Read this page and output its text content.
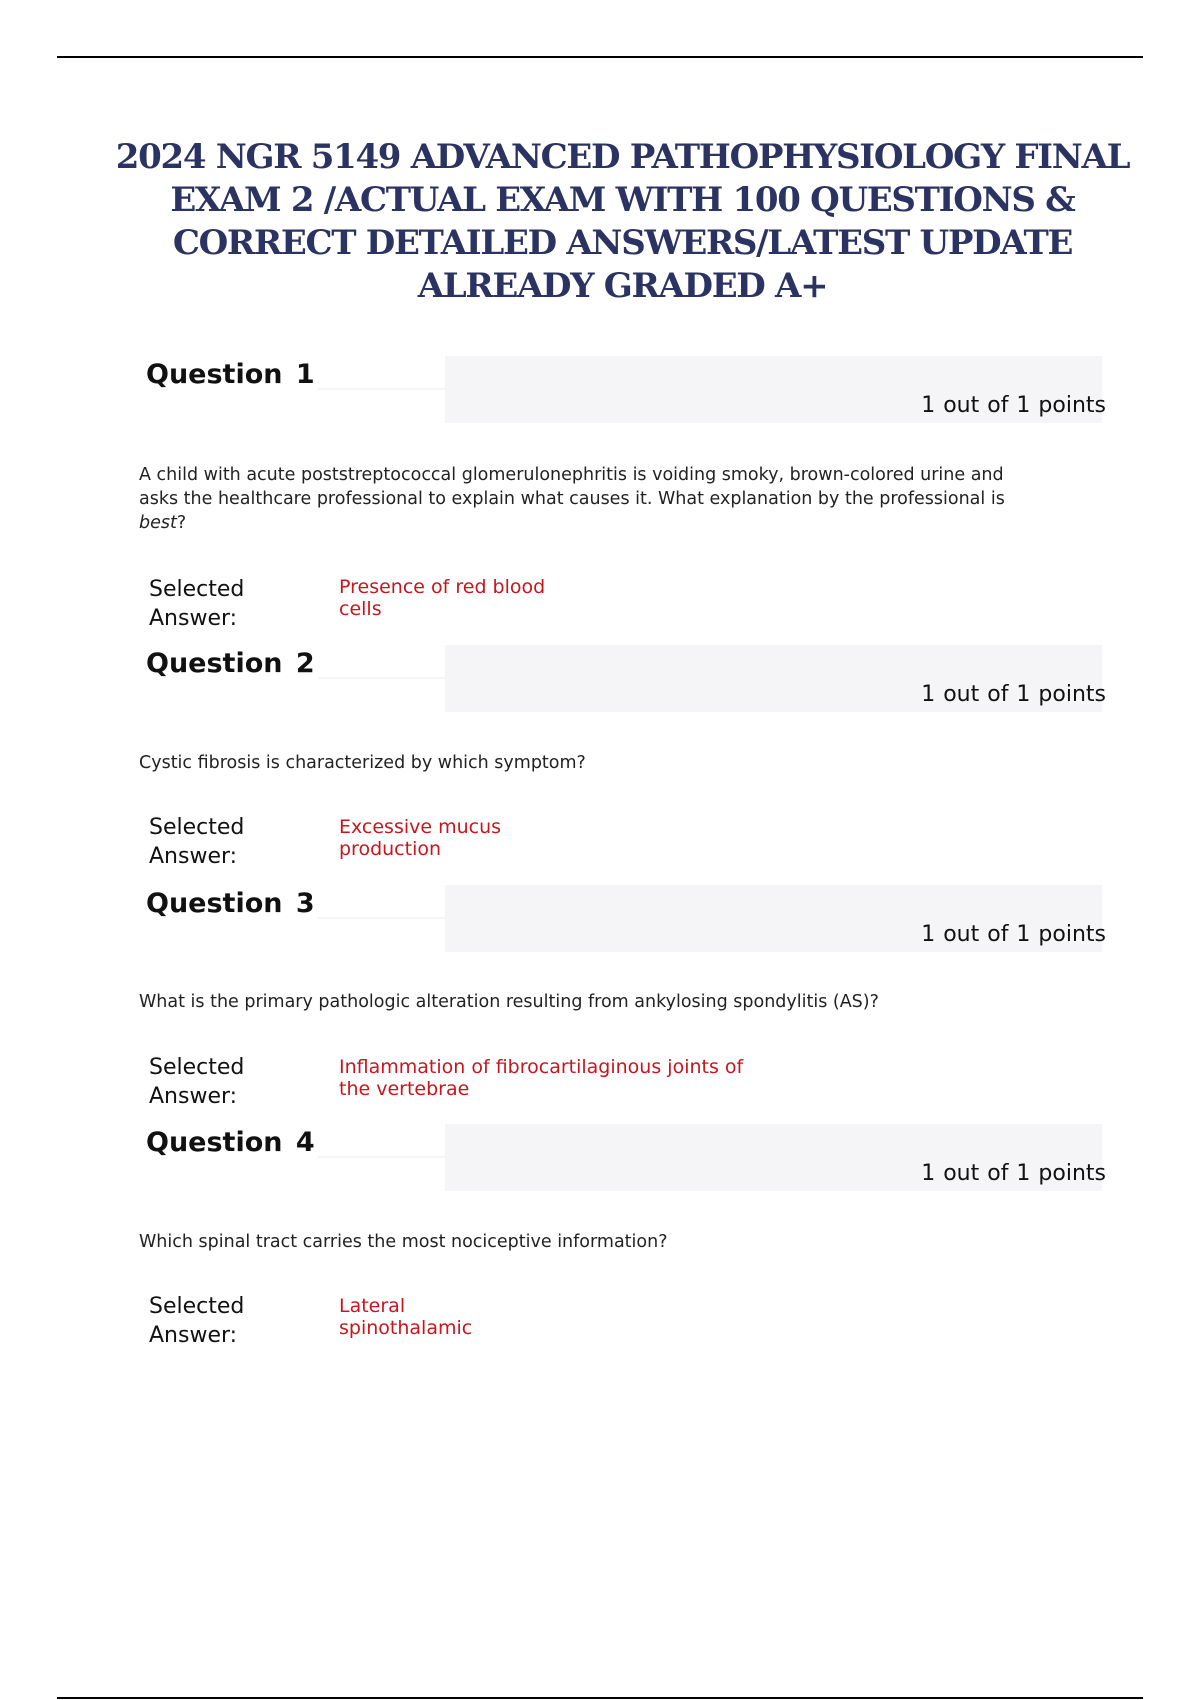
2024 NGR 5149 ADVANCED PATHOPHYSIOLOGY FINAL EXAM 2 /ACTUAL EXAM WITH 100 QUESTIONS & CORRECT DETAILED ANSWERS/LATEST UPDATE ALREADY GRADED A+
Question 1
1 out of 1 points

A child with acute poststreptococcal glomerulonephritis is voiding smoky, brown-colored urine and asks the healthcare professional to explain what causes it. What explanation by the professional is best?

Selected
Answer:
Presence of red blood
cells
Question 2
1 out of 1 points

Cystic fibrosis is characterized by which symptom?

Selected
Answer:
Excessive mucus
production
Question 3
1 out of 1 points

What is the primary pathologic alteration resulting from ankylosing spondylitis (AS)?

Selected
Answer:
Inflammation of fibrocartilaginous joints of
the vertebrae
Question 4
1 out of 1 points

Which spinal tract carries the most nociceptive information?

Selected
Answer:
Lateral
spinothalamic
